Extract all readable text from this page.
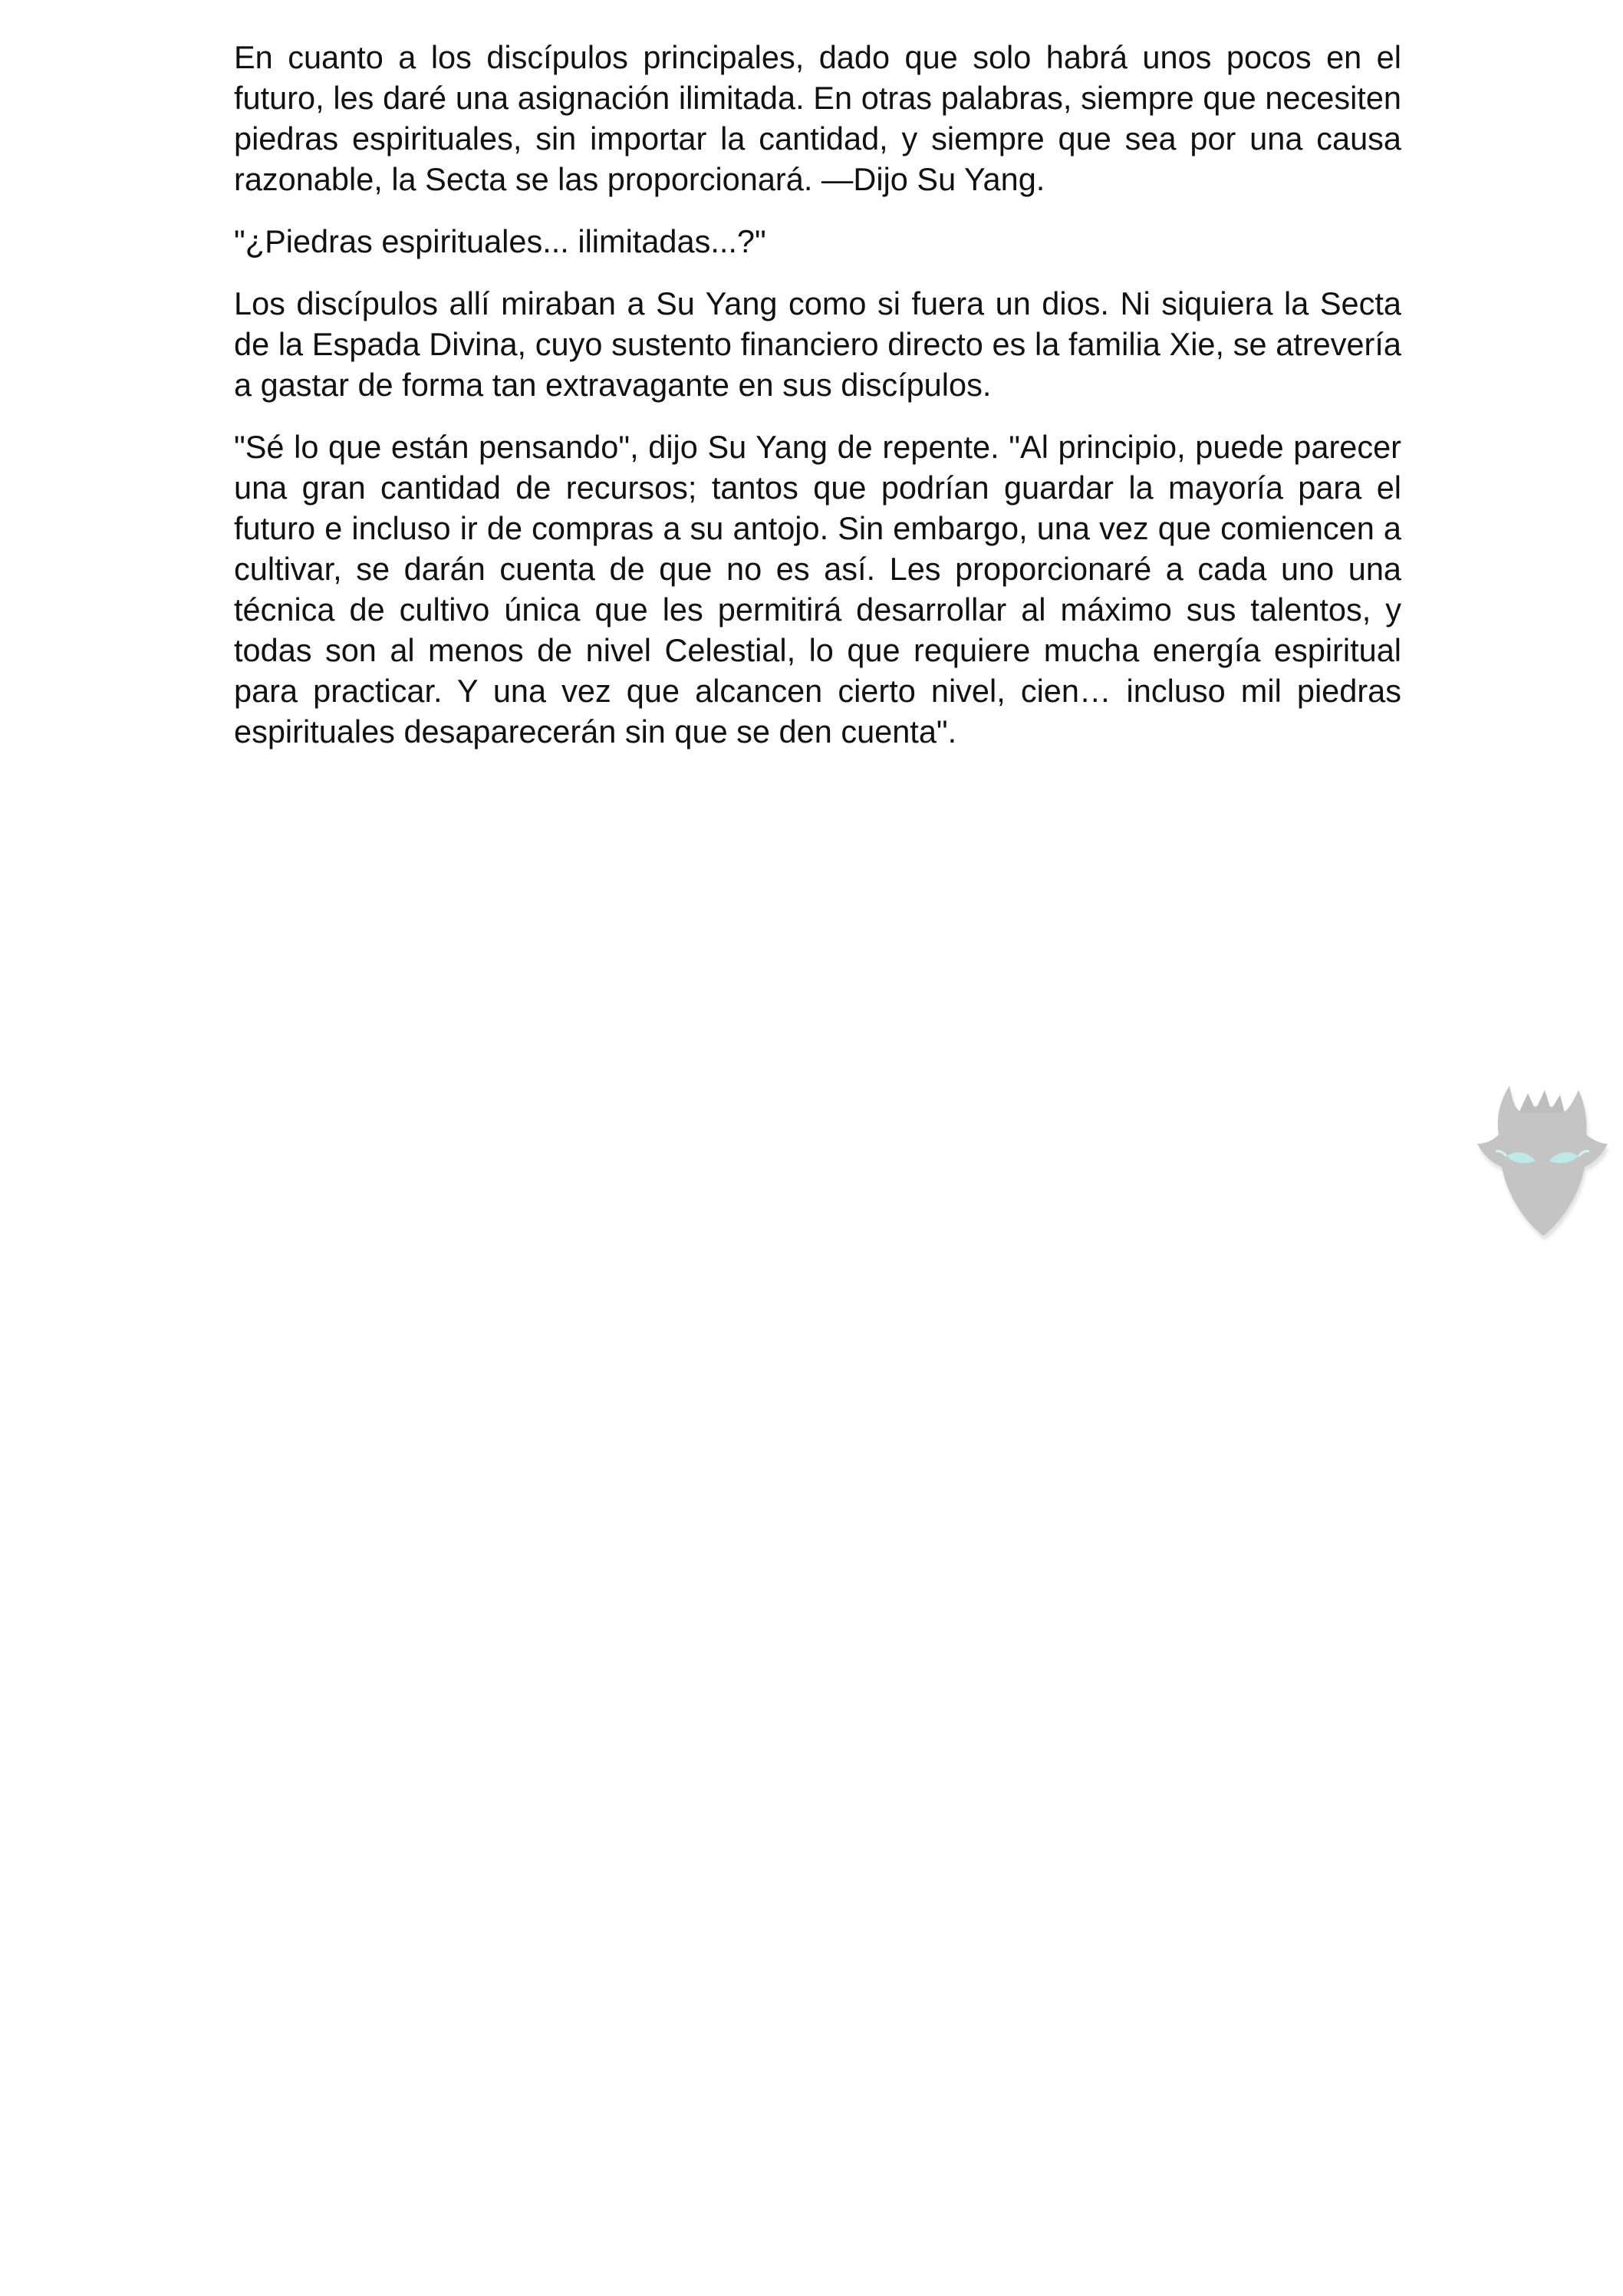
En cuanto a los discípulos principales, dado que solo habrá unos pocos en el futuro, les daré una asignación ilimitada. En otras palabras, siempre que necesiten piedras espirituales, sin importar la cantidad, y siempre que sea por una causa razonable, la Secta se las proporcionará. —Dijo Su Yang.

"¿Piedras espirituales... ilimitadas...?"

Los discípulos allí miraban a Su Yang como si fuera un dios. Ni siquiera la Secta de la Espada Divina, cuyo sustento financiero directo es la familia Xie, se atrevería a gastar de forma tan extravagante en sus discípulos.

"Sé lo que están pensando", dijo Su Yang de repente. "Al principio, puede parecer una gran cantidad de recursos; tantos que podrían guardar la mayoría para el futuro e incluso ir de compras a su antojo. Sin embargo, una vez que comiencen a cultivar, se darán cuenta de que no es así. Les proporcionaré a cada uno una técnica de cultivo única que les permitirá desarrollar al máximo sus talentos, y todas son al menos de nivel Celestial, lo que requiere mucha energía espiritual para practicar. Y una vez que alcancen cierto nivel, cien… incluso mil piedras espirituales desaparecerán sin que se den cuenta".
